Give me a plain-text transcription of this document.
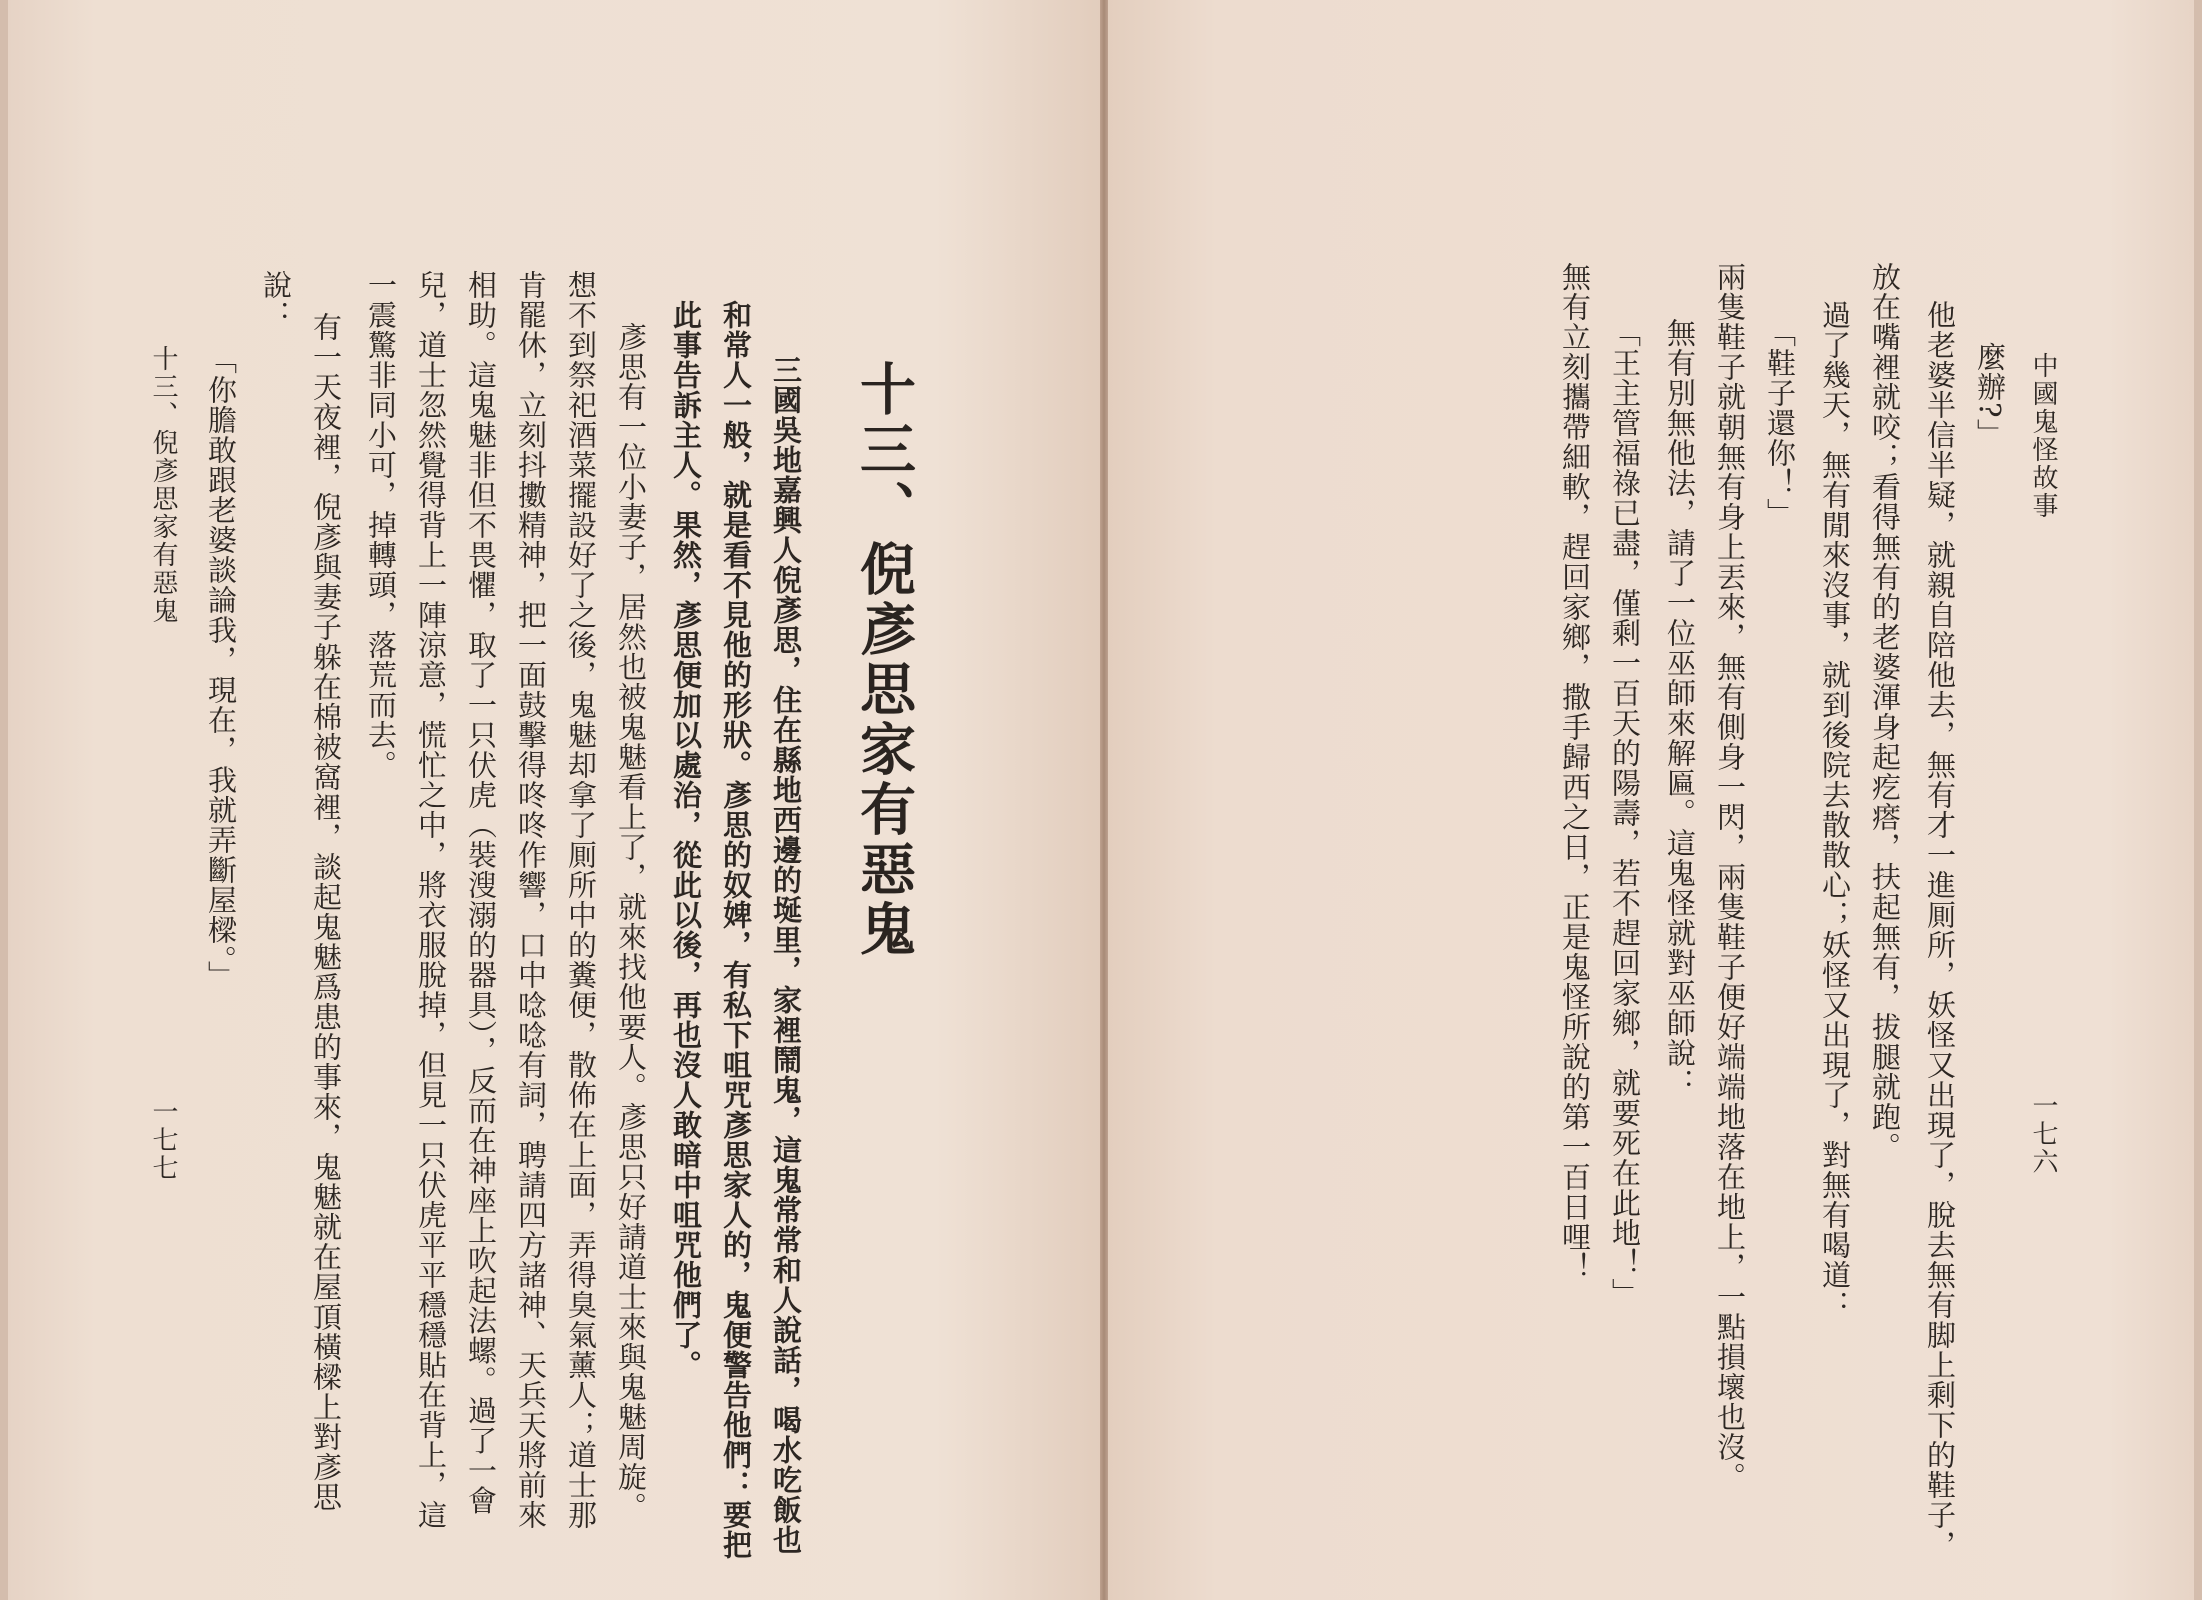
十三、倪彥思家有惡鬼
三國吳地嘉興人倪彥思，住在縣地西邊的埏里，家裡鬧鬼，這鬼常常和人說話，喝水吃飯也
和常人一般，就是看不見他的形狀。彥思的奴婢，有私下咀咒彥思家人的，鬼便警告他們：要把
此事告訴主人。果然，彥思便加以處治，從此以後，再也沒人敢暗中咀咒他們了。
彥思有一位小妻子，居然也被鬼魅看上了，就來找他要人。彥思只好請道士來與鬼魅周旋。
想不到祭祀酒菜擺設好了之後，鬼魅却拿了厠所中的糞便，散佈在上面，弄得臭氣薰人；道士那
肯罷休，立刻抖擻精神，把一面鼓擊得咚咚作響，口中唸唸有詞，聘請四方諸神、天兵天將前來
相助。這鬼魅非但不畏懼，取了一只伏虎（裝溲溺的器具），反而在神座上吹起法螺。過了一會
兒，道士忽然覺得背上一陣涼意，慌忙之中，將衣服脫掉，但見一只伏虎平平穩穩貼在背上，這
一震驚非同小可，掉轉頭，落荒而去。
有一天夜裡，倪彥與妻子躲在棉被窩裡，談起鬼魅爲患的事來，鬼魅就在屋頂橫樑上對彥思
說：
「你膽敢跟老婆談論我，現在，我就弄斷屋樑。」
十三、倪彥思家有惡鬼
一七七
中國鬼怪故事
一七六
麼辦?」
他老婆半信半疑，就親自陪他去，無有才一進厠所，妖怪又出現了，脫去無有脚上剩下的鞋子，
放在嘴裡就咬；看得無有的老婆渾身起疙瘩，扶起無有，拔腿就跑。
過了幾天，無有閒來沒事，就到後院去散散心；妖怪又出現了，對無有喝道：
「鞋子還你！」
兩隻鞋子就朝無有身上丟來，無有側身一閃，兩隻鞋子便好端端地落在地上，一點損壞也沒。
無有別無他法，請了一位巫師來解匾。這鬼怪就對巫師說：
「王主管福祿已盡，僅剩一百天的陽壽，若不趕回家鄉，就要死在此地！」
無有立刻攜帶細軟，趕回家鄉，撒手歸西之日，正是鬼怪所說的第一百日哩！
